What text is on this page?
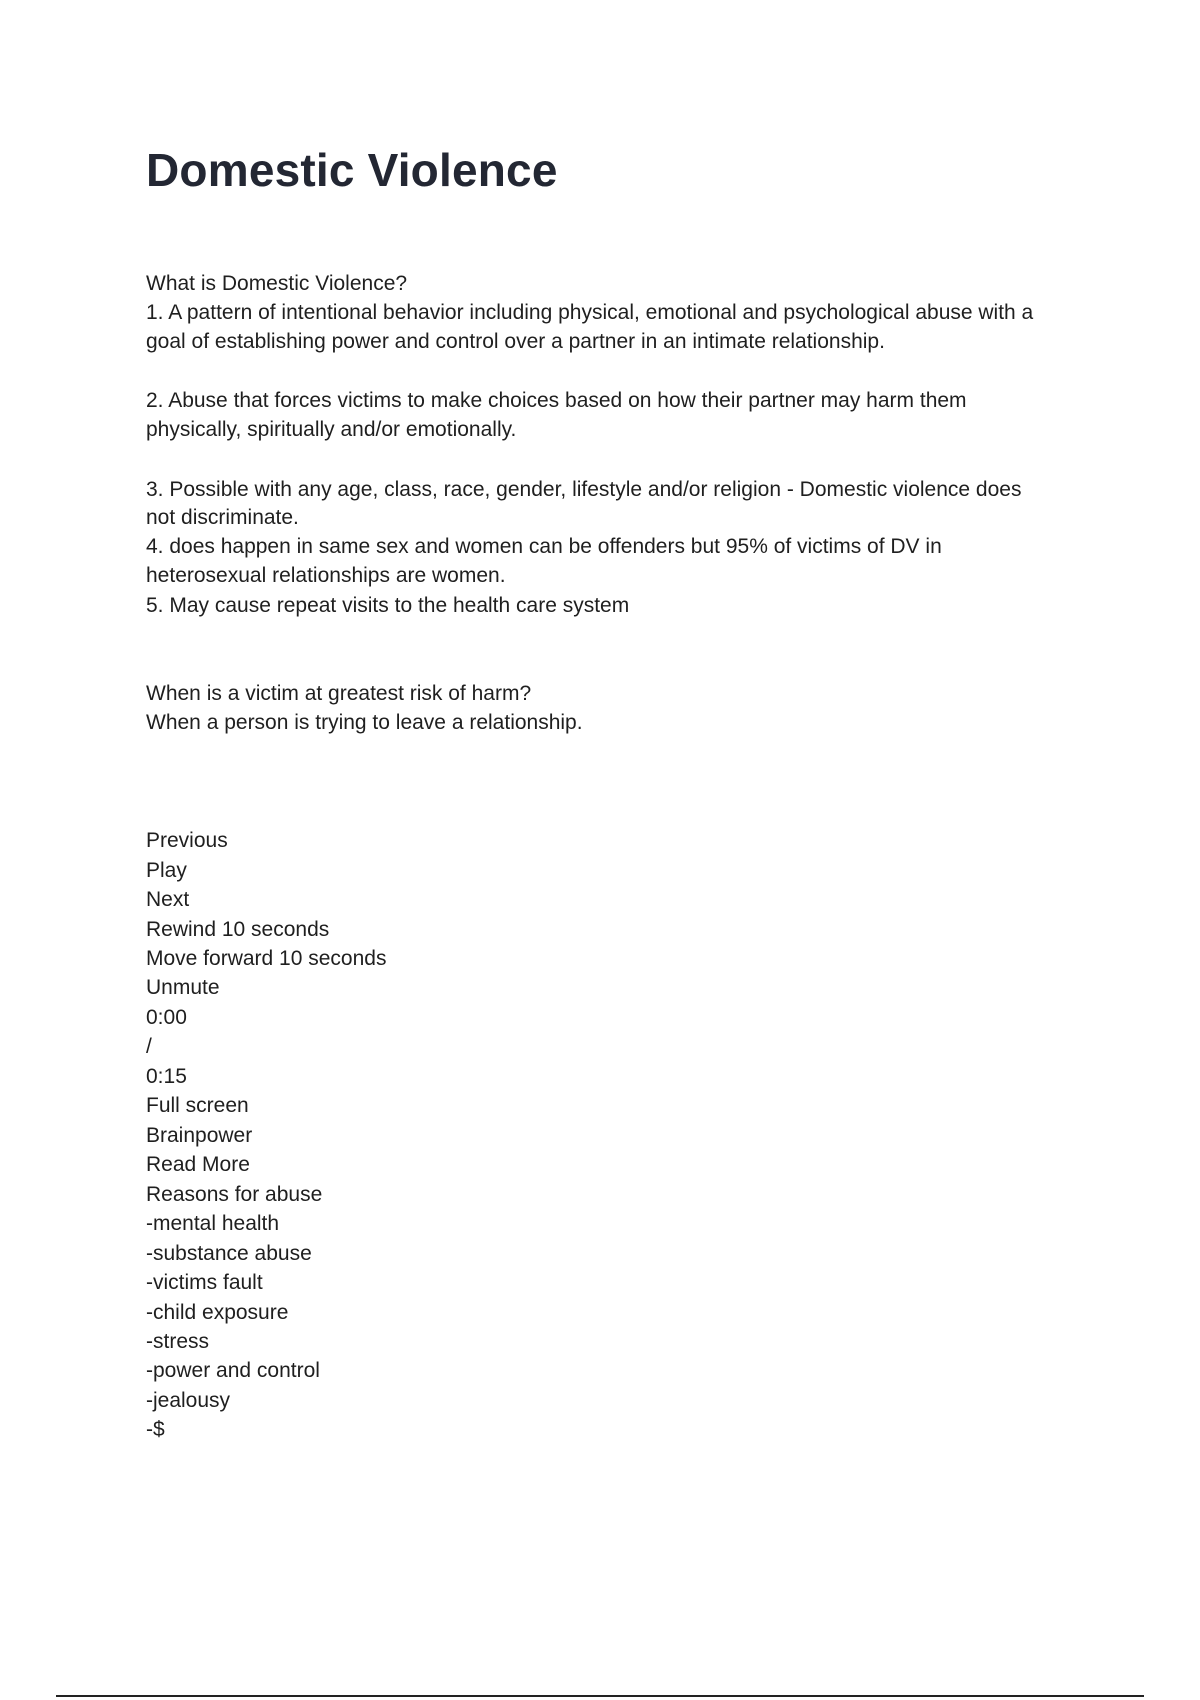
Domestic Violence
What is Domestic Violence?
1. A pattern of intentional behavior including physical, emotional and psychological abuse with a
goal of establishing power and control over a partner in an intimate relationship.
2. Abuse that forces victims to make choices based on how their partner may harm them
physically, spiritually and/or emotionally.
3. Possible with any age, class, race, gender, lifestyle and/or religion - Domestic violence does
not discriminate.
4. does happen in same sex and women can be offenders but 95% of victims of DV in
heterosexual relationships are women.
5. May cause repeat visits to the health care system
When is a victim at greatest risk of harm?
When a person is trying to leave a relationship.
Previous
Play
Next
Rewind 10 seconds
Move forward 10 seconds
Unmute
0:00
/
0:15
Full screen
Brainpower
Read More
Reasons for abuse
-mental health
-substance abuse
-victims fault
-child exposure
-stress
-power and control
-jealousy
-$
